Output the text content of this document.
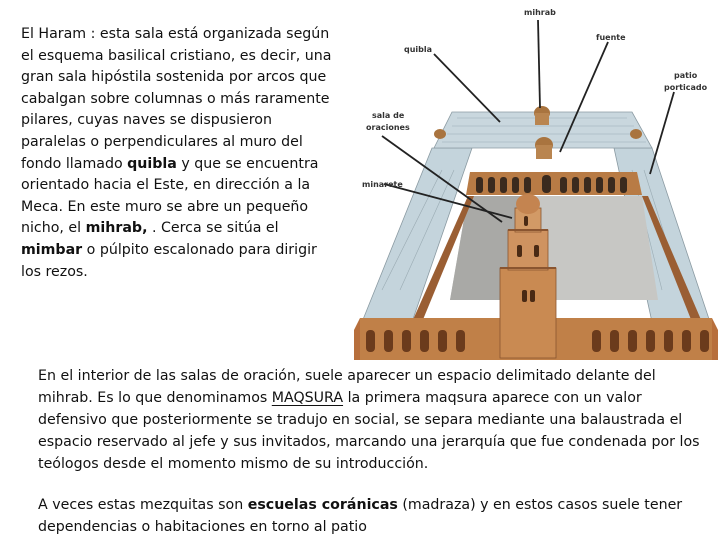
El Haram : esta sala está organizada según el esquema basilical cristiano, es decir, una gran sala hipóstila sostenida por arcos que cabalgan sobre columnas o más raramente pilares, cuyas naves se dispusieron paralelas o perpendiculares al muro del fondo llamado quibla y que se encuentra orientado hacia el Este, en dirección a la Meca. En este muro se abre un pequeño nicho, el mihrab, . Cerca se sitúa el mimbar o púlpito escalonado para dirigir los rezos.

mihrab
quibla
fuente
patio
porticado
sala de
oraciones
minarete

En el interior de las salas de oración, suele aparecer un espacio delimitado delante del mihrab. Es lo que denominamos MAQSURA la primera maqsura aparece con un valor defensivo que posteriormente se tradujo en social, se separa mediante una balaustrada el espacio reservado al jefe y sus invitados, marcando una jerarquía que fue condenada por los teólogos desde el momento mismo de su introducción.

A veces estas mezquitas son escuelas coránicas (madraza) y en estos casos suele tener dependencias o habitaciones en torno al patio
